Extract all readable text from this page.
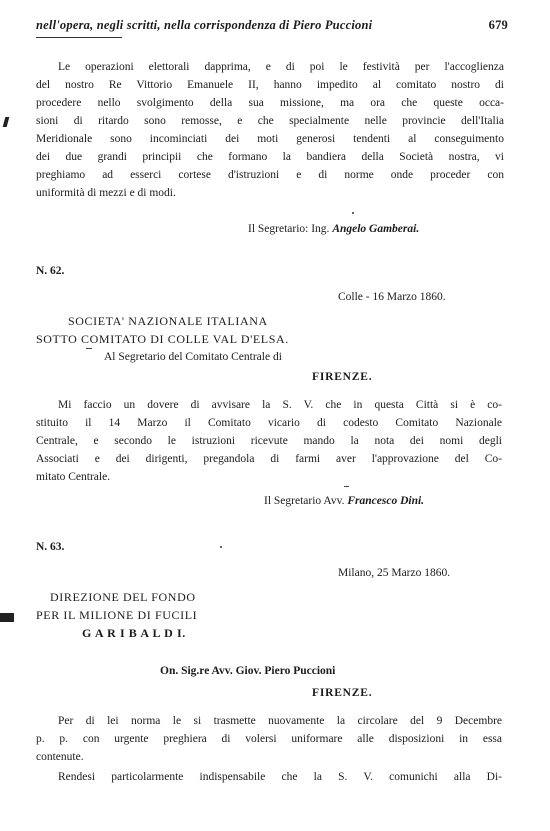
nell'opera, negli scritti, nella corrispondenza di Piero Puccioni	679
Le operazioni elettorali dapprima, e di poi le festività per l'accoglienza
del nostro Re Vittorio Emanuele II, hanno impedito al comitato nostro di
procedere nello svolgimento della sua missione, ma ora che queste occa-
sioni di ritardo sono remosse, e che specialmente nelle provincie dell'Italia
Meridionale sono incominciati dei moti generosi tendenti al conseguimento
dei due grandi principii che formano la bandiera della Società nostra, vi
preghiamo ad esserci cortese d'istruzioni e di norme onde proceder con
uniformità di mezzi e di modi.
Il Segretario: Ing. Angelo Gamberai.
N. 62.
Colle - 16 Marzo 1860.
SOCIETA' NAZIONALE ITALIANA
SOTTO COMITATO DI COLLE VAL D'ELSA.
Al Segretario del Comitato Centrale di
FIRENZE.
Mi faccio un dovere di avvisare la S. V. che in questa Città si è co-
stituito il 14 Marzo il Comitato vicario di codesto Comitato Nazionale
Centrale, e secondo le istruzioni ricevute mando la nota dei nomi degli
Associati e dei dirigenti, pregandola di farmi aver l'approvazione del Co-
mitato Centrale.
Il Segretario Avv. Francesco Dini.
N. 63.
Milano, 25 Marzo 1860.
DIREZIONE DEL FONDO
PER IL MILIONE DI FUCILI
G A R I B A L D I.
On. Sig.re Avv. Giov. Piero Puccioni
FIRENZE.
Per di lei norma le si trasmette nuovamente la circolare del 9 Decembre
p. p. con urgente preghiera di volersi uniformare alle disposizioni in essa
contenute.
Rendesi particolarmente indispensabile che la S. V. comunichi alla Di-
